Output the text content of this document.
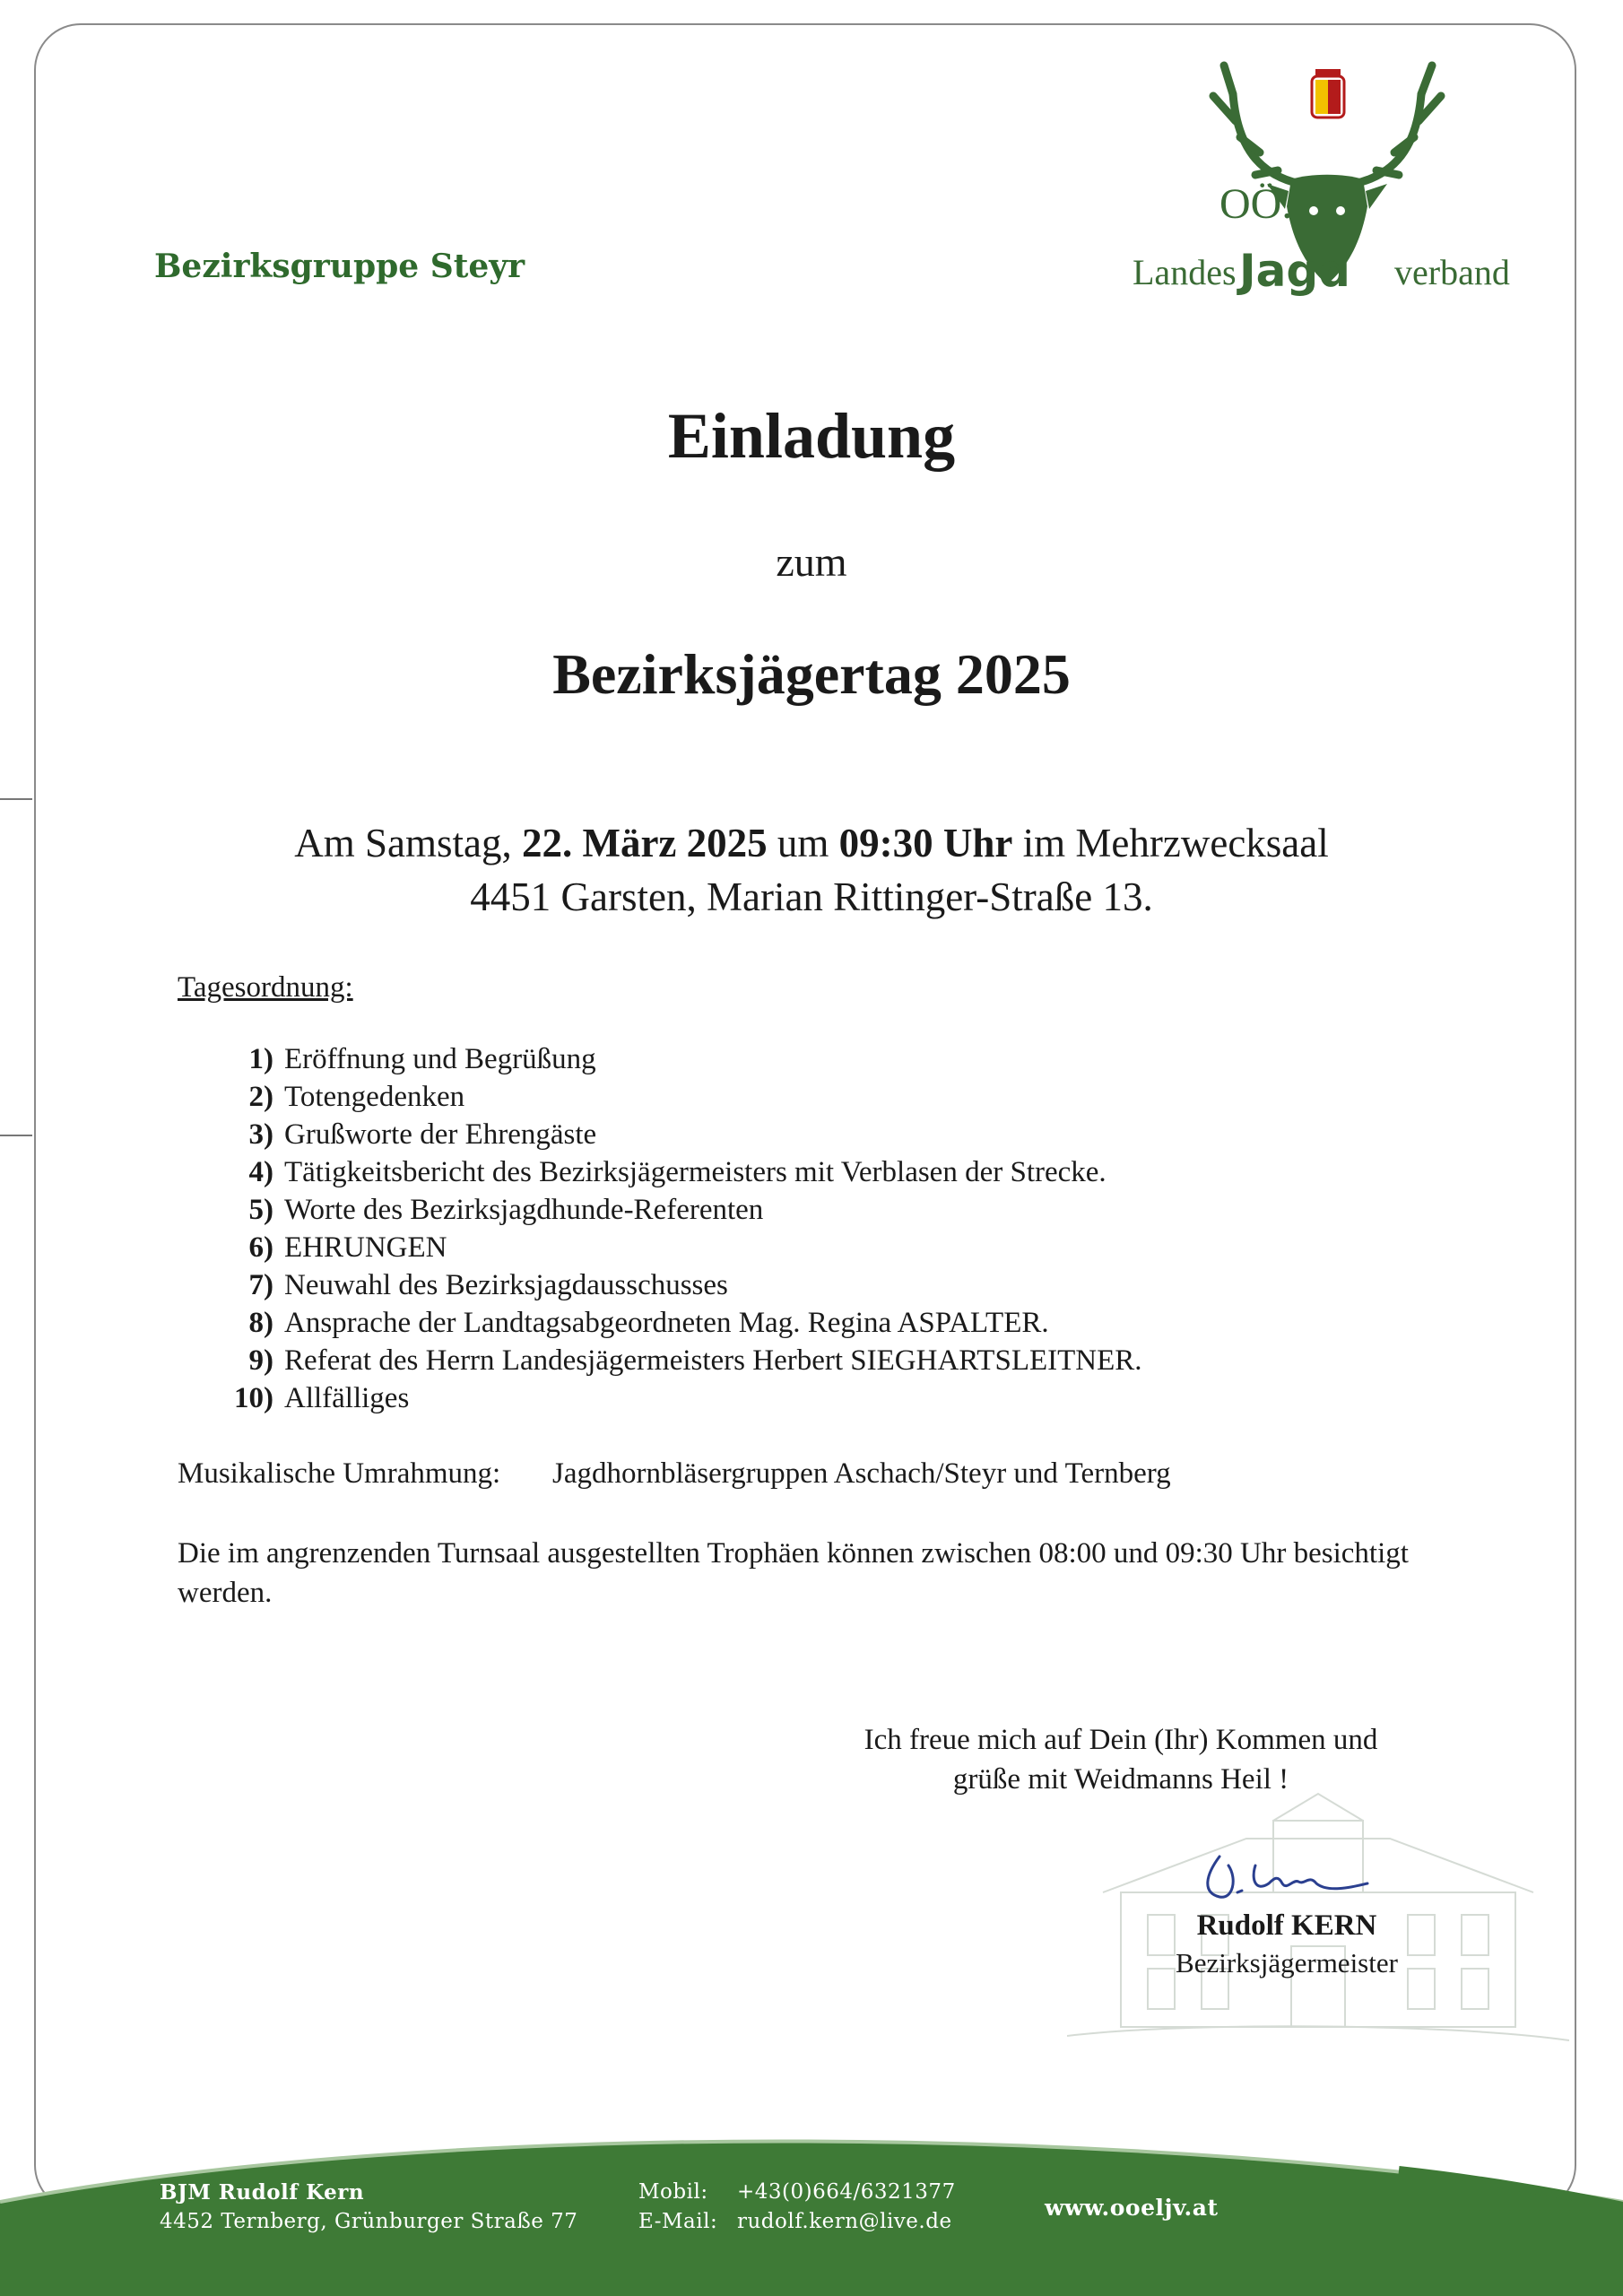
Bezirksgruppe Steyr
OÖ.
Landes Jagd verband
Einladung
zum
Bezirksjägertag 2025
Am Samstag, 22. März 2025 um 09:30 Uhr im Mehrzwecksaal
4451 Garsten, Marian Rittinger-Straße 13.
Tagesordnung:
1) Eröffnung und Begrüßung
2) Totengedenken
3) Grußworte der Ehrengäste
4) Tätigkeitsbericht des Bezirksjägermeisters mit Verblasen der Strecke.
5) Worte des Bezirksjagdhunde-Referenten
6) EHRUNGEN
7) Neuwahl des Bezirksjagdausschusses
8) Ansprache der Landtagsabgeordneten Mag. Regina ASPALTER.
9) Referat des Herrn Landesjägermeisters Herbert SIEGHARTSLEITNER.
10) Allfälliges
Musikalische Umrahmung: Jagdhornbläsergruppen Aschach/Steyr und Ternberg
Die im angrenzenden Turnsaal ausgestellten Trophäen können zwischen 08:00 und 09:30 Uhr besichtigt werden.
Ich freue mich auf Dein (Ihr) Kommen und
grüße mit Weidmanns Heil !
Rudolf KERN
Bezirksjägermeister
BJM Rudolf Kern
4452 Ternberg, Grünburger Straße 77
Mobil: +43(0)664/6321377
E-Mail: rudolf.kern@live.de
www.ooeljv.at
